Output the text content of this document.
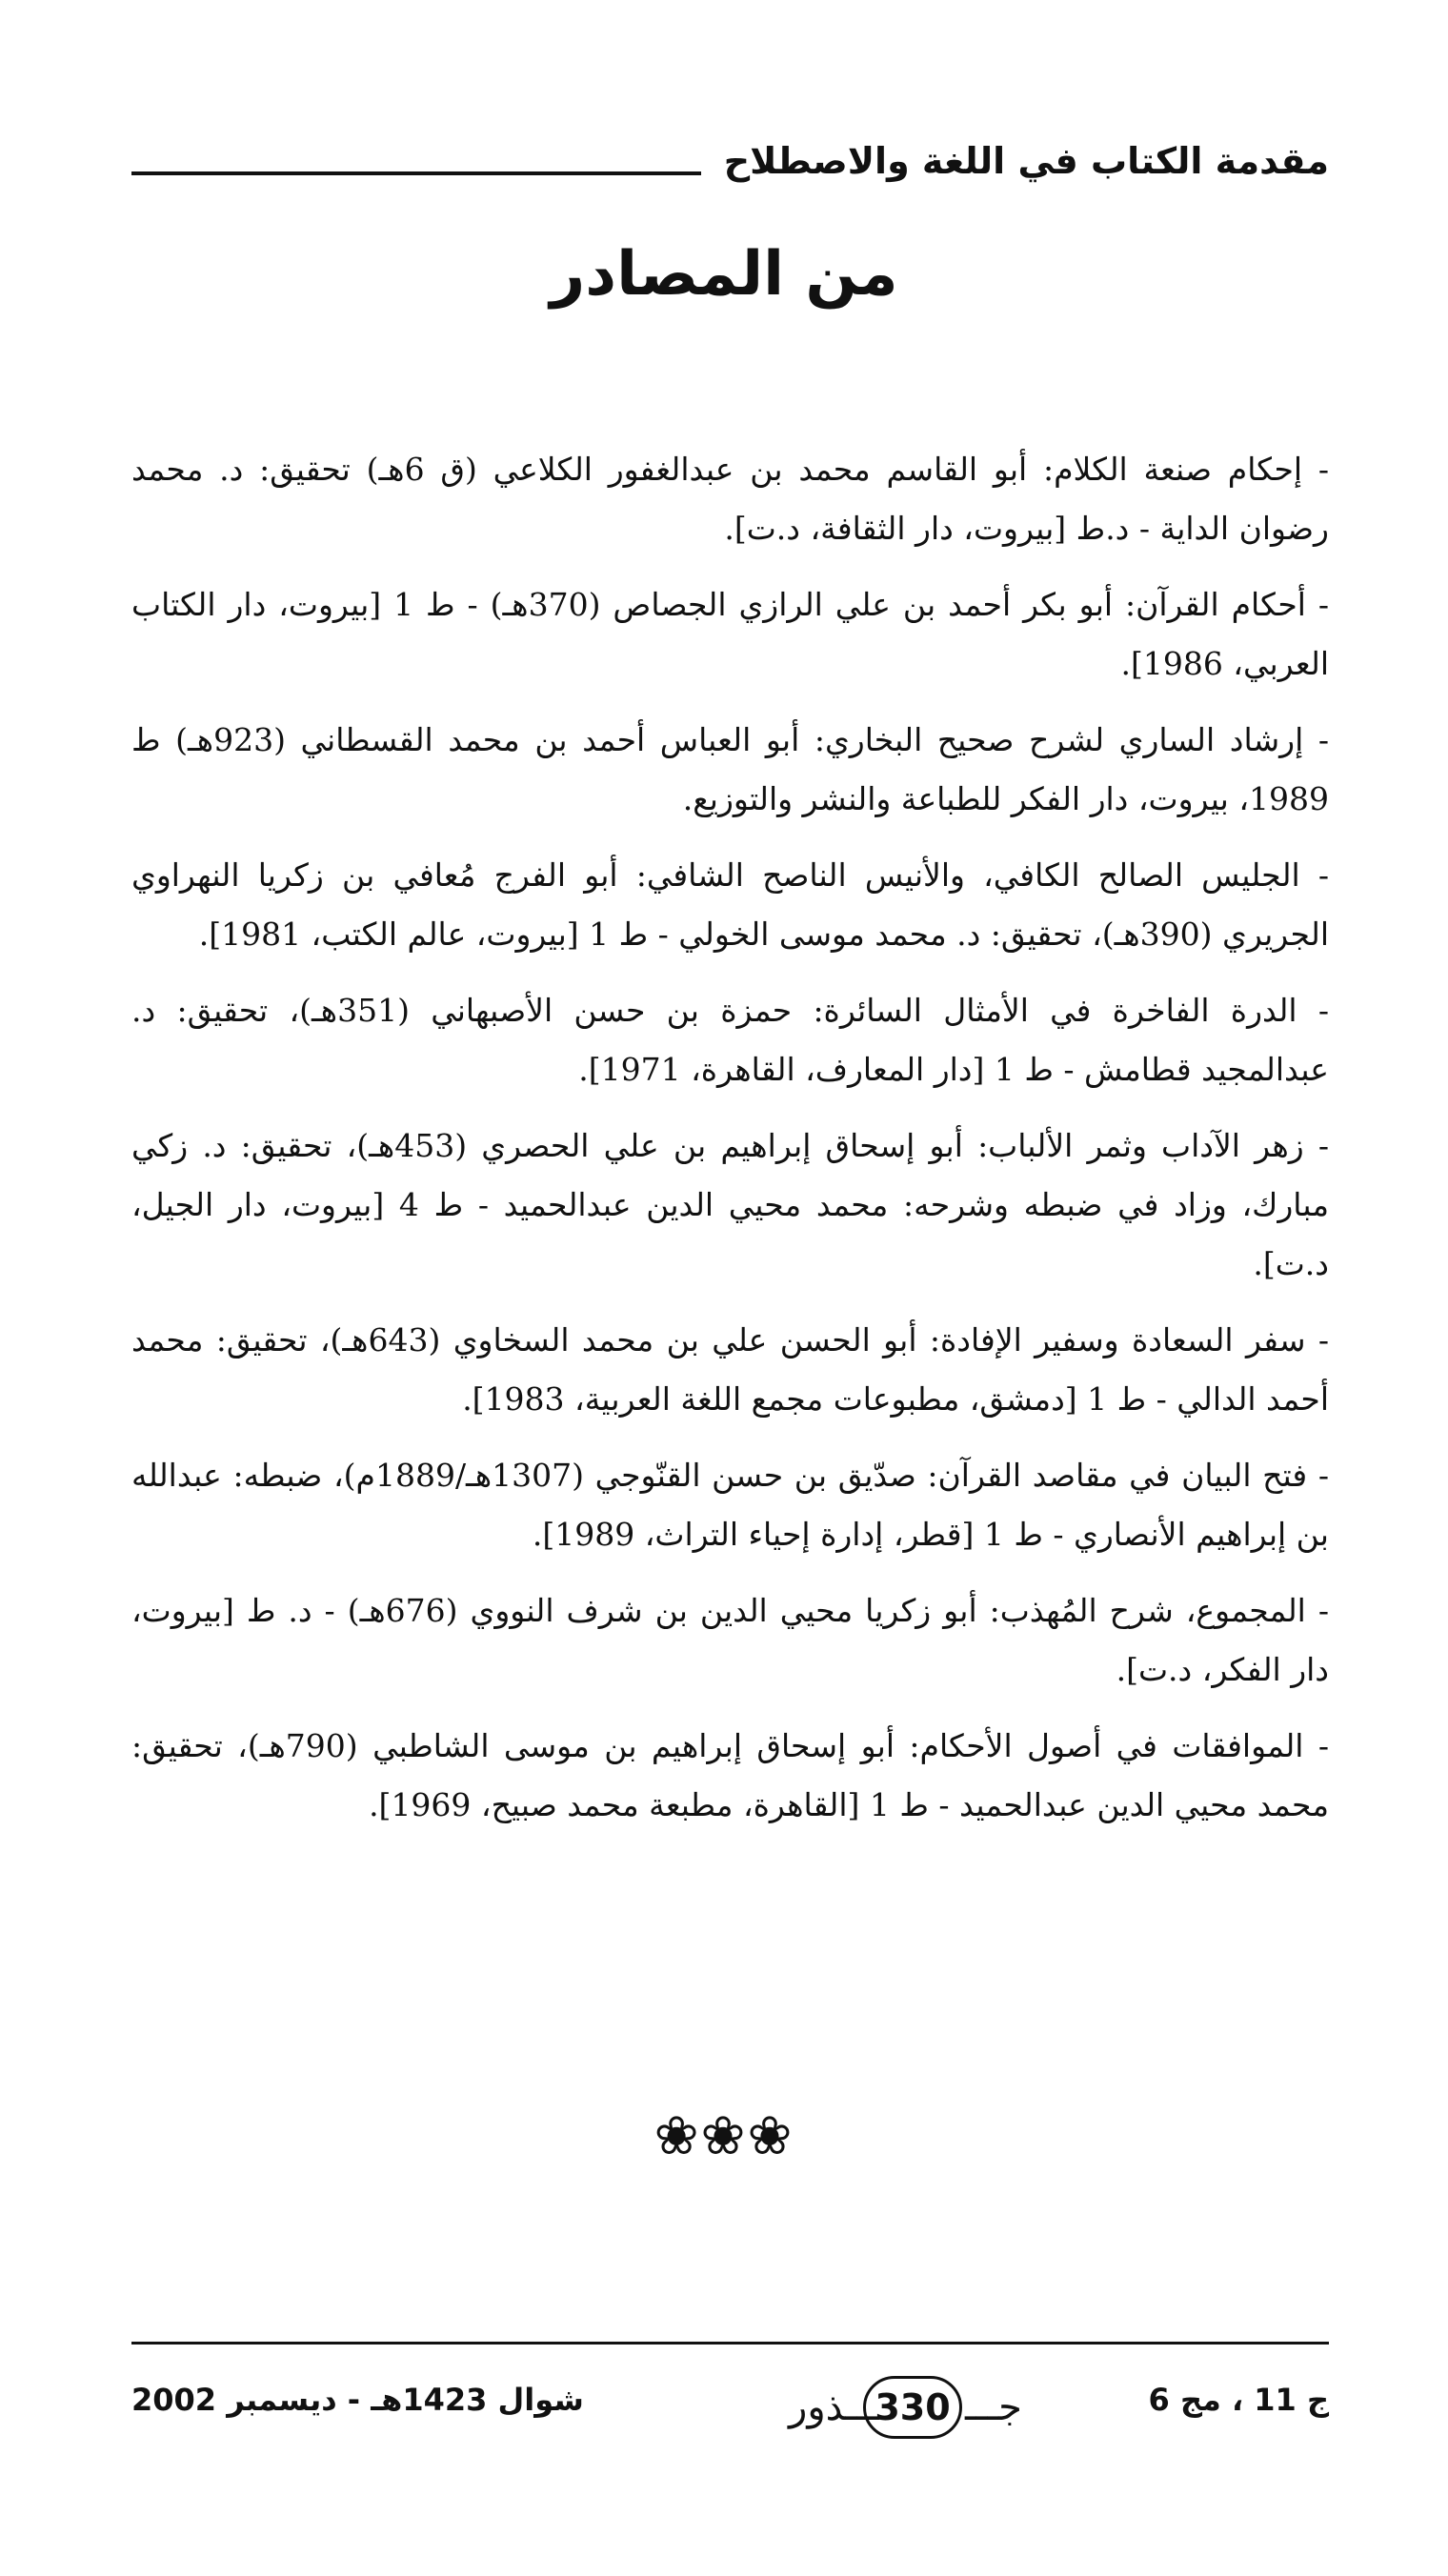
مقدمة الكتاب في اللغة والاصطلاح
من المصادر
- إحكام صنعة الكلام: أبو القاسم محمد بن عبدالغفور الكلاعي (ق 6هـ) تحقيق: د. محمد رضوان الداية - د.ط [بيروت، دار الثقافة، د.ت].
- أحكام القرآن: أبو بكر أحمد بن علي الرازي الجصاص (370هـ) - ط 1 [بيروت، دار الكتاب العربي، 1986].
- إرشاد الساري لشرح صحيح البخاري: أبو العباس أحمد بن محمد القسطاني (923هـ) ط 1989، بيروت، دار الفكر للطباعة والنشر والتوزيع.
- الجليس الصالح الكافي، والأنيس الناصح الشافي: أبو الفرج مُعافي بن زكريا النهراوي الجريري (390هـ)، تحقيق: د. محمد موسى الخولي - ط 1 [بيروت، عالم الكتب، 1981].
- الدرة الفاخرة في الأمثال السائرة: حمزة بن حسن الأصبهاني (351هـ)، تحقيق: د. عبدالمجيد قطامش - ط 1 [دار المعارف، القاهرة، 1971].
- زهر الآداب وثمر الألباب: أبو إسحاق إبراهيم بن علي الحصري (453هـ)، تحقيق: د. زكي مبارك، وزاد في ضبطه وشرحه: محمد محيي الدين عبدالحميد - ط 4 [بيروت، دار الجيل، د.ت].
- سفر السعادة وسفير الإفادة: أبو الحسن علي بن محمد السخاوي (643هـ)، تحقيق: محمد أحمد الدالي - ط 1 [دمشق، مطبوعات مجمع اللغة العربية، 1983].
- فتح البيان في مقاصد القرآن: صدّيق بن حسن القنّوجي (1307هـ/1889م)، ضبطه: عبدالله بن إبراهيم الأنصاري - ط 1 [قطر، إدارة إحياء التراث، 1989].
- المجموع، شرح المُهذب: أبو زكريا محيي الدين بن شرف النووي (676هـ) - د. ط [بيروت، دار الفكر، د.ت].
- الموافقات في أصول الأحكام: أبو إسحاق إبراهيم بن موسى الشاطبي (790هـ)، تحقيق: محمد محيي الدين عبدالحميد - ط 1 [القاهرة، مطبعة محمد صبيح، 1969].
❀❀❀
ج 11 ، مج 6
ـــذور
330 جـــ
شوال 1423هـ - ديسمبر 2002
